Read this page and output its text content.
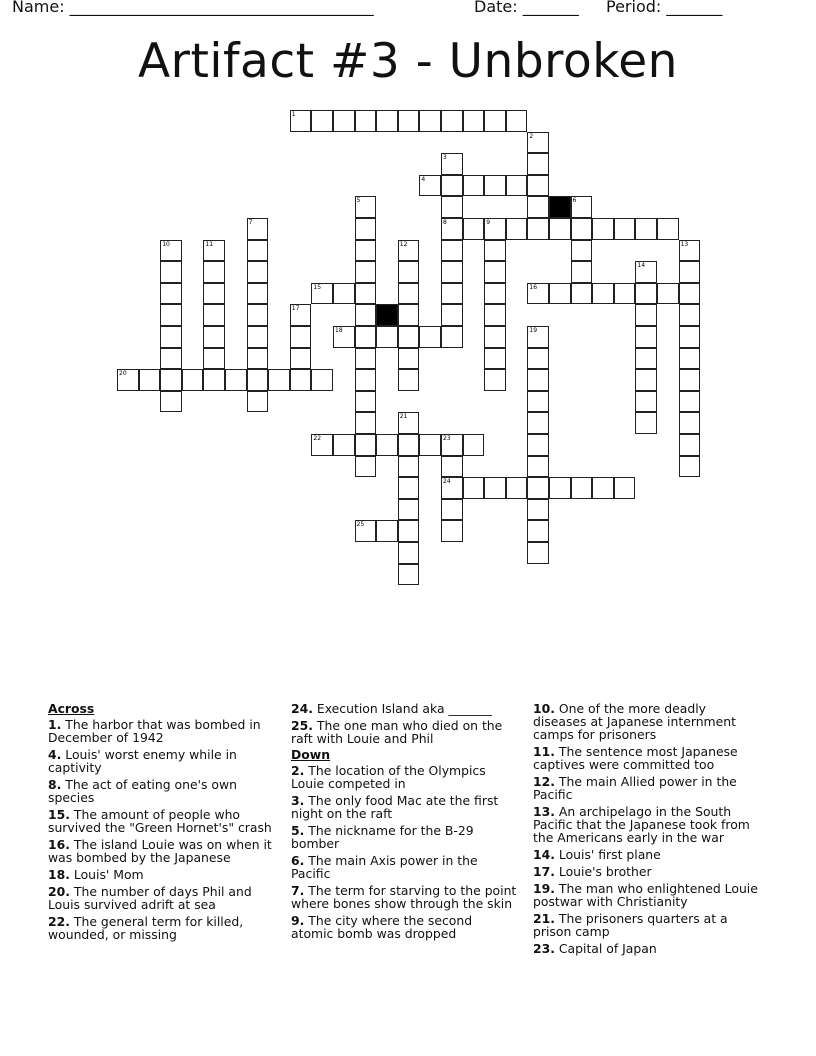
Name: ______________________________________	Date: _______ Period: _______
Artifact #3 - Unbroken
1
4
8
15	16
18
20
22
24
25
2
3
5	6
7	9
10	11	12	13
14
17
19
21
23
Across
1. The harbor that was bombed in December of 1942
4. Louis' worst enemy while in captivity
8. The act of eating one's own species
15. The amount of people who survived the "Green Hornet's" crash
16. The island Louie was on when it was bombed by the Japanese
18. Louis' Mom
20. The number of days Phil and Louis survived adrift at sea
22. The general term for killed, wounded, or missing
24. Execution Island aka _______
25. The one man who died on the raft with Louie and Phil
Down
2. The location of the Olympics Louie competed in
3. The only food Mac ate the first night on the raft
5. The nickname for the B-29 bomber
6. The main Axis power in the Pacific
7. The term for starving to the point where bones show through the skin
9. The city where the second atomic bomb was dropped
10. One of the more deadly diseases at Japanese internment camps for prisoners
11. The sentence most Japanese captives were committed too
12. The main Allied power in the Pacific
13. An archipelago in the South Pacific that the Japanese took from the Americans early in the war
14. Louis' first plane
17. Louie's brother
19. The man who enlightened Louie postwar with Christianity
21. The prisoners quarters at a prison camp
23. Capital of Japan
